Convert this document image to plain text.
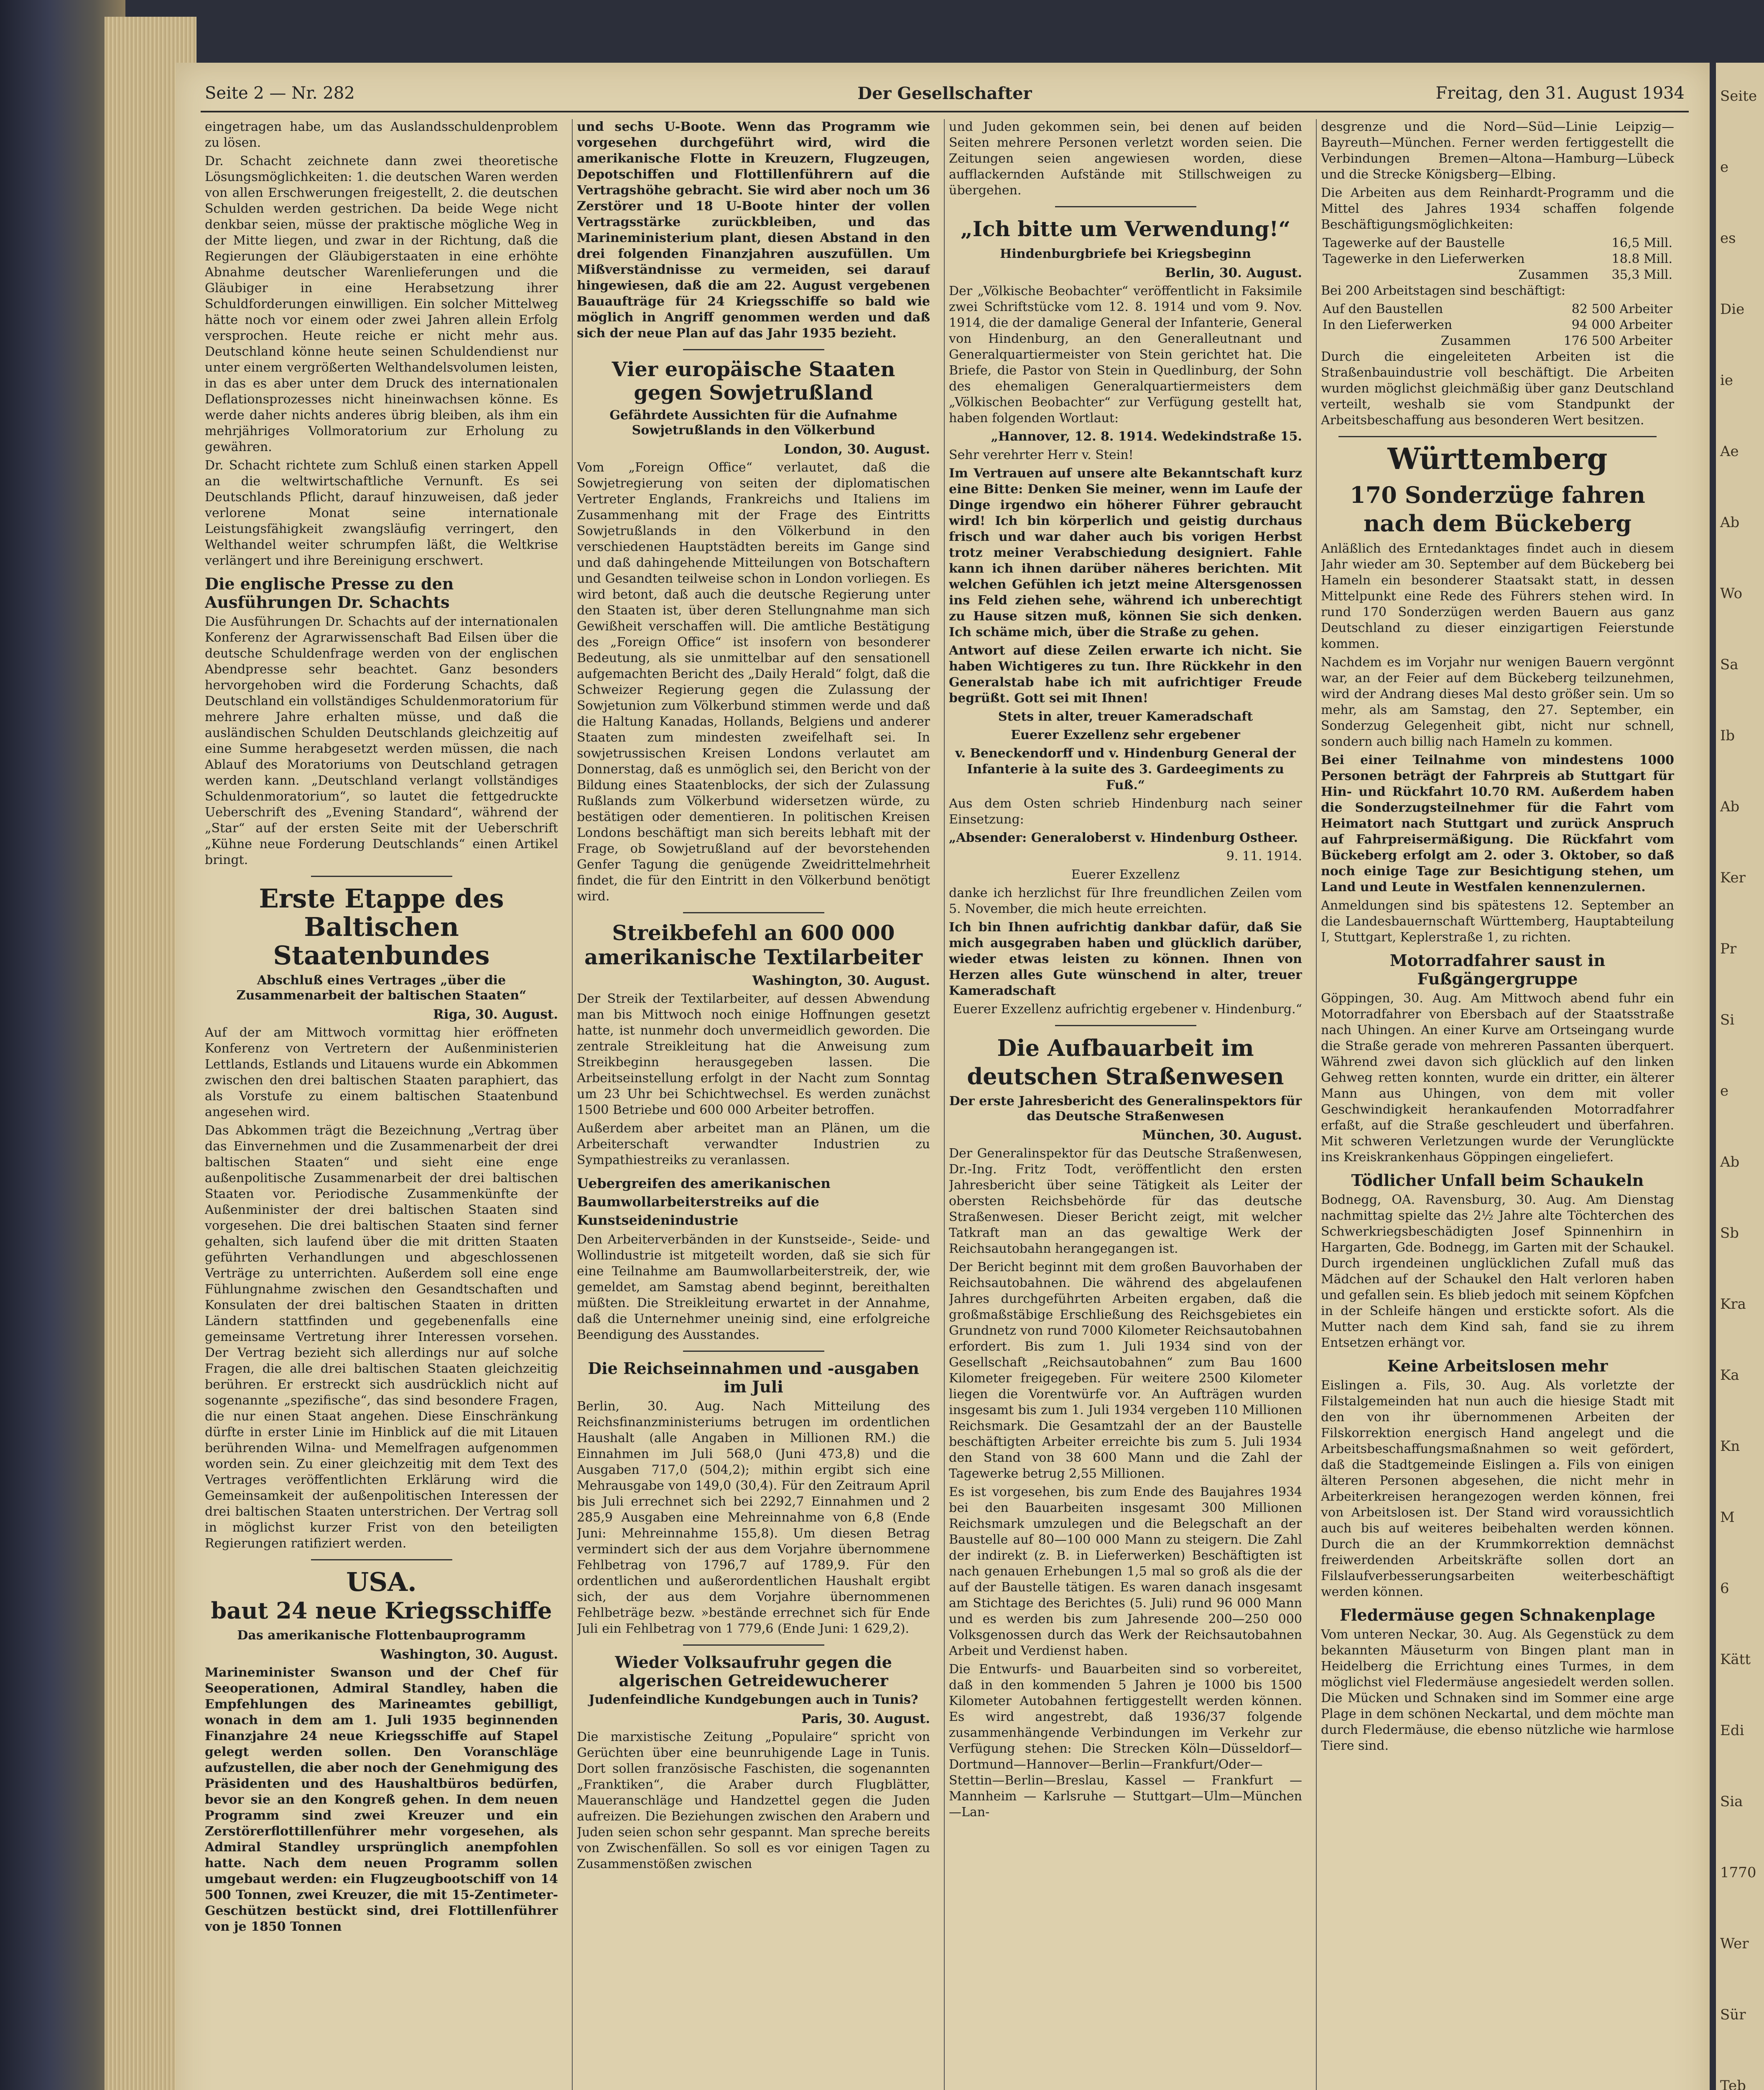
Seite 2 — Nr. 282	Der Gesellschafter	Freitag, den 31. August 1934

eingetragen habe, um das Auslandsschuldenproblem zu lösen.

Dr. Schacht zeichnete dann zwei theoretische Lösungsmöglichkeiten: 1. die deutschen Waren werden von allen Erschwerungen freigestellt, 2. die deutschen Schulden werden gestrichen. Da beide Wege nicht denkbar seien, müsse der praktische mögliche Weg in der Mitte liegen, und zwar in der Richtung, daß die Regierungen der Gläubigerstaaten in eine erhöhte Abnahme deutscher Warenlieferungen und die Gläubiger in eine Herabsetzung ihrer Schuldforderungen einwilligen. Ein solcher Mittelweg hätte noch vor einem oder zwei Jahren allein Erfolg versprochen. Heute reiche er nicht mehr aus. Deutschland könne heute seinen Schuldendienst nur unter einem vergrößerten Welthandelsvolumen leisten, in das es aber unter dem Druck des internationalen Deflationsprozesses nicht hineinwachsen könne. Es werde daher nichts anderes übrig bleiben, als ihm ein mehrjähriges Vollmoratorium zur Erholung zu gewähren.

Dr. Schacht richtete zum Schluß einen starken Appell an die weltwirtschaftliche Vernunft. Es sei Deutschlands Pflicht, darauf hinzuweisen, daß jeder verlorene Monat seine internationale Leistungsfähigkeit zwangsläufig verringert, den Welthandel weiter schrumpfen läßt, die Weltkrise verlängert und ihre Bereinigung erschwert.

Die englische Presse zu den Ausführungen Dr. Schachts

Die Ausführungen Dr. Schachts auf der internationalen Konferenz der Agrarwissenschaft Bad Eilsen über die deutsche Schuldenfrage werden von der englischen Abendpresse sehr beachtet. Ganz besonders hervorgehoben wird die Forderung Schachts, daß Deutschland ein vollständiges Schuldenmoratorium für mehrere Jahre erhalten müsse, und daß die ausländischen Schulden Deutschlands gleichzeitig auf eine Summe herabgesetzt werden müssen, die nach Ablauf des Moratoriums von Deutschland getragen werden kann. „Deutschland verlangt vollständiges Schuldenmoratorium“, so lautet die fettgedruckte Ueberschrift des „Evening Standard“, während der „Star“ auf der ersten Seite mit der Ueberschrift „Kühne neue Forderung Deutschlands“ einen Artikel bringt.

Erste Etappe des Baltischen Staatenbundes

Abschluß eines Vertrages „über die Zusammenarbeit der baltischen Staaten“

Riga, 30. August.

Auf der am Mittwoch vormittag hier eröffneten Konferenz von Vertretern der Außenministerien Lettlands, Estlands und Litauens wurde ein Abkommen zwischen den drei baltischen Staaten paraphiert, das als Vorstufe zu einem baltischen Staatenbund angesehen wird.

Das Abkommen trägt die Bezeichnung „Vertrag über das Einvernehmen und die Zusammenarbeit der drei baltischen Staaten“ und sieht eine enge außenpolitische Zusammenarbeit der drei baltischen Staaten vor. Periodische Zusammenkünfte der Außenminister der drei baltischen Staaten sind vorgesehen. Die drei baltischen Staaten sind ferner gehalten, sich laufend über die mit dritten Staaten geführten Verhandlungen und abgeschlossenen Verträge zu unterrichten. Außerdem soll eine enge Fühlungnahme zwischen den Gesandtschaften und Konsulaten der drei baltischen Staaten in dritten Ländern stattfinden und gegebenenfalls eine gemeinsame Vertretung ihrer Interessen vorsehen. Der Vertrag bezieht sich allerdings nur auf solche Fragen, die alle drei baltischen Staaten gleichzeitig berühren. Er erstreckt sich ausdrücklich nicht auf sogenannte „spezifische“, das sind besondere Fragen, die nur einen Staat angehen. Diese Einschränkung dürfte in erster Linie im Hinblick auf die mit Litauen berührenden Wilna- und Memelfragen aufgenommen worden sein. Zu einer gleichzeitig mit dem Text des Vertrages veröffentlichten Erklärung wird die Gemeinsamkeit der außenpolitischen Interessen der drei baltischen Staaten unterstrichen. Der Vertrag soll in möglichst kurzer Frist von den beteiligten Regierungen ratifiziert werden.

USA.
baut 24 neue Kriegsschiffe

Das amerikanische Flottenbauprogramm

Washington, 30. August.

Marineminister Swanson und der Chef für Seeoperationen, Admiral Standley, haben die Empfehlungen des Marineamtes gebilligt, wonach in dem am 1. Juli 1935 beginnenden Finanzjahre 24 neue Kriegsschiffe auf Stapel gelegt werden sollen. Den Voranschläge aufzustellen, die aber noch der Genehmigung des Präsidenten und des Haushaltbüros bedürfen, bevor sie an den Kongreß gehen. In dem neuen Programm sind zwei Kreuzer und ein Zerstörerflottillenführer mehr vorgesehen, als Admiral Standley ursprünglich anempfohlen hatte. Nach dem neuen Programm sollen umgebaut werden: ein Flugzeugbootschiff von 14 500 Tonnen, zwei Kreuzer, die mit 15-Zentimeter-Geschützen bestückt sind, drei Flottillenführer von je 1850 Tonnen

und sechs U-Boote. Wenn das Programm wie vorgesehen durchgeführt wird, wird die amerikanische Flotte in Kreuzern, Flugzeugen, Depotschiffen und Flottillenführern auf die Vertragshöhe gebracht. Sie wird aber noch um 36 Zerstörer und 18 U-Boote hinter der vollen Vertragsstärke zurückbleiben, und das Marineministerium plant, diesen Abstand in den drei folgenden Finanzjahren auszufüllen. Um Mißverständnisse zu vermeiden, sei darauf hingewiesen, daß die am 22. August vergebenen Bauaufträge für 24 Kriegsschiffe so bald wie möglich in Angriff genommen werden und daß sich der neue Plan auf das Jahr 1935 bezieht.

Vier europäische Staaten gegen Sowjetrußland

Gefährdete Aussichten für die Aufnahme Sowjetrußlands in den Völkerbund

London, 30. August.

Vom „Foreign Office“ verlautet, daß die Sowjetregierung von seiten der diplomatischen Vertreter Englands, Frankreichs und Italiens im Zusammenhang mit der Frage des Eintritts Sowjetrußlands in den Völkerbund in den verschiedenen Hauptstädten bereits im Gange sind und daß dahingehende Mitteilungen von Botschaftern und Gesandten teilweise schon in London vorliegen. Es wird betont, daß auch die deutsche Regierung unter den Staaten ist, über deren Stellungnahme man sich Gewißheit verschaffen will. Die amtliche Bestätigung des „Foreign Office“ ist insofern von besonderer Bedeutung, als sie unmittelbar auf den sensationell aufgemachten Bericht des „Daily Herald“ folgt, daß die Schweizer Regierung gegen die Zulassung der Sowjetunion zum Völkerbund stimmen werde und daß die Haltung Kanadas, Hollands, Belgiens und anderer Staaten zum mindesten zweifelhaft sei. In sowjetrussischen Kreisen Londons verlautet am Donnerstag, daß es unmöglich sei, den Bericht von der Bildung eines Staatenblocks, der sich der Zulassung Rußlands zum Völkerbund widersetzen würde, zu bestätigen oder dementieren. In politischen Kreisen Londons beschäftigt man sich bereits lebhaft mit der Frage, ob Sowjetrußland auf der bevorstehenden Genfer Tagung die genügende Zweidrittelmehrheit findet, die für den Eintritt in den Völkerbund benötigt wird.

Streikbefehl an 600 000 amerikanische Textilarbeiter

Washington, 30. August.

Der Streik der Textilarbeiter, auf dessen Abwendung man bis Mittwoch noch einige Hoffnungen gesetzt hatte, ist nunmehr doch unvermeidlich geworden. Die zentrale Streikleitung hat die Anweisung zum Streikbeginn herausgegeben lassen. Die Arbeitseinstellung erfolgt in der Nacht zum Sonntag um 23 Uhr bei Schichtwechsel. Es werden zunächst 1500 Betriebe und 600 000 Arbeiter betroffen.

Außerdem aber arbeitet man an Plänen, um die Arbeiterschaft verwandter Industrien zu Sympathiestreiks zu veranlassen.

Uebergreifen des amerikanischen Baumwollarbeiterstreiks auf die Kunstseidenindustrie

Den Arbeiterverbänden in der Kunstseide-, Seide- und Wollindustrie ist mitgeteilt worden, daß sie sich für eine Teilnahme am Baumwollarbeiterstreik, der, wie gemeldet, am Samstag abend beginnt, bereithalten müßten. Die Streikleitung erwartet in der Annahme, daß die Unternehmer uneinig sind, eine erfolgreiche Beendigung des Ausstandes.

Die Reichseinnahmen und -ausgaben im Juli

Berlin, 30. Aug. Nach Mitteilung des Reichsfinanzministeriums betrugen im ordentlichen Haushalt (alle Angaben in Millionen RM.) die Einnahmen im Juli 568,0 (Juni 473,8) und die Ausgaben 717,0 (504,2); mithin ergibt sich eine Mehrausgabe von 149,0 (30,4). Für den Zeitraum April bis Juli errechnet sich bei 2292,7 Einnahmen und 2 285,9 Ausgaben eine Mehreinnahme von 6,8 (Ende Juni: Mehreinnahme 155,8). Um diesen Betrag vermindert sich der aus dem Vorjahre übernommene Fehlbetrag von 1796,7 auf 1789,9. Für den ordentlichen und außerordentlichen Haushalt ergibt sich, der aus dem Vorjahre übernommenen Fehlbeträge bezw. »bestände errechnet sich für Ende Juli ein Fehlbetrag von 1 779,6 (Ende Juni: 1 629,2).

Wieder Volksaufruhr gegen die algerischen Getreidewucherer

Judenfeindliche Kundgebungen auch in Tunis?

Paris, 30. August.

Die marxistische Zeitung „Populaire“ spricht von Gerüchten über eine beunruhigende Lage in Tunis. Dort sollen französische Faschisten, die sogenannten „Franktiken“, die Araber durch Flugblätter, Maueranschläge und Handzettel gegen die Juden aufreizen. Die Beziehungen zwischen den Arabern und Juden seien schon sehr gespannt. Man spreche bereits von Zwischenfällen. So soll es vor einigen Tagen zu Zusammenstößen zwischen

und Juden gekommen sein, bei denen auf beiden Seiten mehrere Personen verletzt worden seien. Die Zeitungen seien angewiesen worden, diese aufflackernden Aufstände mit Stillschweigen zu übergehen.

„Ich bitte um Verwendung!“

Hindenburgbriefe bei Kriegsbeginn

Berlin, 30. August.

Der „Völkische Beobachter“ veröffentlicht in Faksimile zwei Schriftstücke vom 12. 8. 1914 und vom 9. Nov. 1914, die der damalige General der Infanterie, General von Hindenburg, an den Generalleutnant und Generalquartiermeister von Stein gerichtet hat. Die Briefe, die Pastor von Stein in Quedlinburg, der Sohn des ehemaligen Generalquartiermeisters dem „Völkischen Beobachter“ zur Verfügung gestellt hat, haben folgenden Wortlaut:

„Hannover, 12. 8. 1914. Wedekindstraße 15.

Sehr verehrter Herr v. Stein!

Im Vertrauen auf unsere alte Bekanntschaft kurz eine Bitte: Denken Sie meiner, wenn im Laufe der Dinge irgendwo ein höherer Führer gebraucht wird! Ich bin körperlich und geistig durchaus frisch und war daher auch bis vorigen Herbst trotz meiner Verabschiedung designiert. Fahle kann ich ihnen darüber näheres berichten. Mit welchen Gefühlen ich jetzt meine Altersgenossen ins Feld ziehen sehe, während ich unberechtigt zu Hause sitzen muß, können Sie sich denken. Ich schäme mich, über die Straße zu gehen.

Antwort auf diese Zeilen erwarte ich nicht. Sie haben Wichtigeres zu tun. Ihre Rückkehr in den Generalstab habe ich mit aufrichtiger Freude begrüßt. Gott sei mit Ihnen!

Stets in alter, treuer Kameradschaft

Euerer Exzellenz sehr ergebener

v. Beneckendorff und v. Hindenburg General der Infanterie à la suite des 3. Gardeegiments zu Fuß.“

Aus dem Osten schrieb Hindenburg nach seiner Einsetzung:

„Absender: Generaloberst v. Hindenburg Ostheer.

9. 11. 1914.

Euerer Exzellenz

danke ich herzlichst für Ihre freundlichen Zeilen vom 5. November, die mich heute erreichten.

Ich bin Ihnen aufrichtig dankbar dafür, daß Sie mich ausgegraben haben und glücklich darüber, wieder etwas leisten zu können. Ihnen von Herzen alles Gute wünschend in alter, treuer Kameradschaft

Euerer Exzellenz aufrichtig ergebener v. Hindenburg.“

Die Aufbauarbeit im deutschen Straßenwesen

Der erste Jahresbericht des Generalinspektors für das Deutsche Straßenwesen

München, 30. August.

Der Generalinspektor für das Deutsche Straßenwesen, Dr.-Ing. Fritz Todt, veröffentlicht den ersten Jahresbericht über seine Tätigkeit als Leiter der obersten Reichsbehörde für das deutsche Straßenwesen. Dieser Bericht zeigt, mit welcher Tatkraft man an das gewaltige Werk der Reichsautobahn herangegangen ist.

Der Bericht beginnt mit dem großen Bauvorhaben der Reichsautobahnen. Die während des abgelaufenen Jahres durchgeführten Arbeiten ergaben, daß die großmaßstäbige Erschließung des Reichsgebietes ein Grundnetz von rund 7000 Kilometer Reichsautobahnen erfordert. Bis zum 1. Juli 1934 sind von der Gesellschaft „Reichsautobahnen“ zum Bau 1600 Kilometer freigegeben. Für weitere 2500 Kilometer liegen die Vorentwürfe vor. An Aufträgen wurden insgesamt bis zum 1. Juli 1934 vergeben 110 Millionen Reichsmark. Die Gesamtzahl der an der Baustelle beschäftigten Arbeiter erreichte bis zum 5. Juli 1934 den Stand von 38 600 Mann und die Zahl der Tagewerke betrug 2,55 Millionen.

Es ist vorgesehen, bis zum Ende des Baujahres 1934 bei den Bauarbeiten insgesamt 300 Millionen Reichsmark umzulegen und die Belegschaft an der Baustelle auf 80—100 000 Mann zu steigern. Die Zahl der indirekt (z. B. in Lieferwerken) Beschäftigten ist nach genauen Erhebungen 1,5 mal so groß als die der auf der Baustelle tätigen. Es waren danach insgesamt am Stichtage des Berichtes (5. Juli) rund 96 000 Mann und es werden bis zum Jahresende 200—250 000 Volksgenossen durch das Werk der Reichsautobahnen Arbeit und Verdienst haben.

Die Entwurfs- und Bauarbeiten sind so vorbereitet, daß in den kommenden 5 Jahren je 1000 bis 1500 Kilometer Autobahnen fertiggestellt werden können. Es wird angestrebt, daß 1936/37 folgende zusammenhängende Verbindungen im Verkehr zur Verfügung stehen: Die Strecken Köln—Düsseldorf—Dortmund—Hannover—Berlin—Frankfurt/Oder—Stettin—Berlin—Breslau, Kassel — Frankfurt — Mannheim — Karlsruhe — Stuttgart—Ulm—München—Lan-

desgrenze und die Nord—Süd—Linie Leipzig—Bayreuth—München. Ferner werden fertiggestellt die Verbindungen Bremen—Altona—Hamburg—Lübeck und die Strecke Königsberg—Elbing.

Die Arbeiten aus dem Reinhardt-Programm und die Mittel des Jahres 1934 schaffen folgende Beschäftigungsmöglichkeiten:

Tagewerke auf der Baustelle	16,5 Mill.
Tagewerke in den Lieferwerken	18.8 Mill.
Zusammen	35,3 Mill.

Bei 200 Arbeitstagen sind beschäftigt:

Auf den Baustellen	82 500 Arbeiter
In den Lieferwerken	94 000 Arbeiter
Zusammen	176 500 Arbeiter

Durch die eingeleiteten Arbeiten ist die Straßenbauindustrie voll beschäftigt. Die Arbeiten wurden möglichst gleichmäßig über ganz Deutschland verteilt, weshalb sie vom Standpunkt der Arbeitsbeschaffung aus besonderen Wert besitzen.

Württemberg
170 Sonderzüge fahren nach dem Bückeberg

Anläßlich des Erntedanktages findet auch in diesem Jahr wieder am 30. September auf dem Bückeberg bei Hameln ein besonderer Staatsakt statt, in dessen Mittelpunkt eine Rede des Führers stehen wird. In rund 170 Sonderzügen werden Bauern aus ganz Deutschland zu dieser einzigartigen Feierstunde kommen.

Nachdem es im Vorjahr nur wenigen Bauern vergönnt war, an der Feier auf dem Bückeberg teilzunehmen, wird der Andrang dieses Mal desto größer sein. Um so mehr, als am Samstag, den 27. September, ein Sonderzug Gelegenheit gibt, nicht nur schnell, sondern auch billig nach Hameln zu kommen.

Bei einer Teilnahme von mindestens 1000 Personen beträgt der Fahrpreis ab Stuttgart für Hin- und Rückfahrt 10.70 RM. Außerdem haben die Sonderzugsteilnehmer für die Fahrt vom Heimatort nach Stuttgart und zurück Anspruch auf Fahrpreisermäßigung. Die Rückfahrt vom Bückeberg erfolgt am 2. oder 3. Oktober, so daß noch einige Tage zur Besichtigung stehen, um Land und Leute in Westfalen kennenzulernen.

Anmeldungen sind bis spätestens 12. September an die Landesbauernschaft Württemberg, Hauptabteilung I, Stuttgart, Keplerstraße 1, zu richten.

Motorradfahrer saust in Fußgängergruppe

Göppingen, 30. Aug. Am Mittwoch abend fuhr ein Motorradfahrer von Ebersbach auf der Staatsstraße nach Uhingen. An einer Kurve am Ortseingang wurde die Straße gerade von mehreren Passanten überquert. Während zwei davon sich glücklich auf den linken Gehweg retten konnten, wurde ein dritter, ein älterer Mann aus Uhingen, von dem mit voller Geschwindigkeit herankaufenden Motorradfahrer erfaßt, auf die Straße geschleudert und überfahren. Mit schweren Verletzungen wurde der Verunglückte ins Kreiskrankenhaus Göppingen eingeliefert.

Tödlicher Unfall beim Schaukeln

Bodnegg, OA. Ravensburg, 30. Aug. Am Dienstag nachmittag spielte das 2½ Jahre alte Töchterchen des Schwerkriegsbeschädigten Josef Spinnenhirn in Hargarten, Gde. Bodnegg, im Garten mit der Schaukel. Durch irgendeinen unglücklichen Zufall muß das Mädchen auf der Schaukel den Halt verloren haben und gefallen sein. Es blieb jedoch mit seinem Köpfchen in der Schleife hängen und erstickte sofort. Als die Mutter nach dem Kind sah, fand sie zu ihrem Entsetzen erhängt vor.

Keine Arbeitslosen mehr

Eislingen a. Fils, 30. Aug. Als vorletzte der Filstalgemeinden hat nun auch die hiesige Stadt mit den von ihr übernommenen Arbeiten der Filskorrektion energisch Hand angelegt und die Arbeitsbeschaffungsmaßnahmen so weit gefördert, daß die Stadtgemeinde Eislingen a. Fils von einigen älteren Personen abgesehen, die nicht mehr in Arbeiterkreisen herangezogen werden können, frei von Arbeitslosen ist. Der Stand wird voraussichtlich auch bis auf weiteres beibehalten werden können. Durch die an der Krummkorrektion demnächst freiwerdenden Arbeitskräfte sollen dort an Filslaufverbesserungsarbeiten weiterbeschäftigt werden können.

Fledermäuse gegen Schnakenplage

Vom unteren Neckar, 30. Aug. Als Gegenstück zu dem bekannten Mäuseturm von Bingen plant man in Heidelberg die Errichtung eines Turmes, in dem möglichst viel Fledermäuse angesiedelt werden sollen. Die Mücken und Schnaken sind im Sommer eine arge Plage in dem schönen Neckartal, und dem möchte man durch Fledermäuse, die ebenso nützliche wie harmlose Tiere sind.

Seite
e
es
Die
ie
Ae
Ab
Wo
Sa
Ib
Ab
Ker
Pr
Si
e
Ab
Sb
Kra
Ka
Kn
M
6
Kätt
Edi
Sia
1770
Wer
Sür
Teb
